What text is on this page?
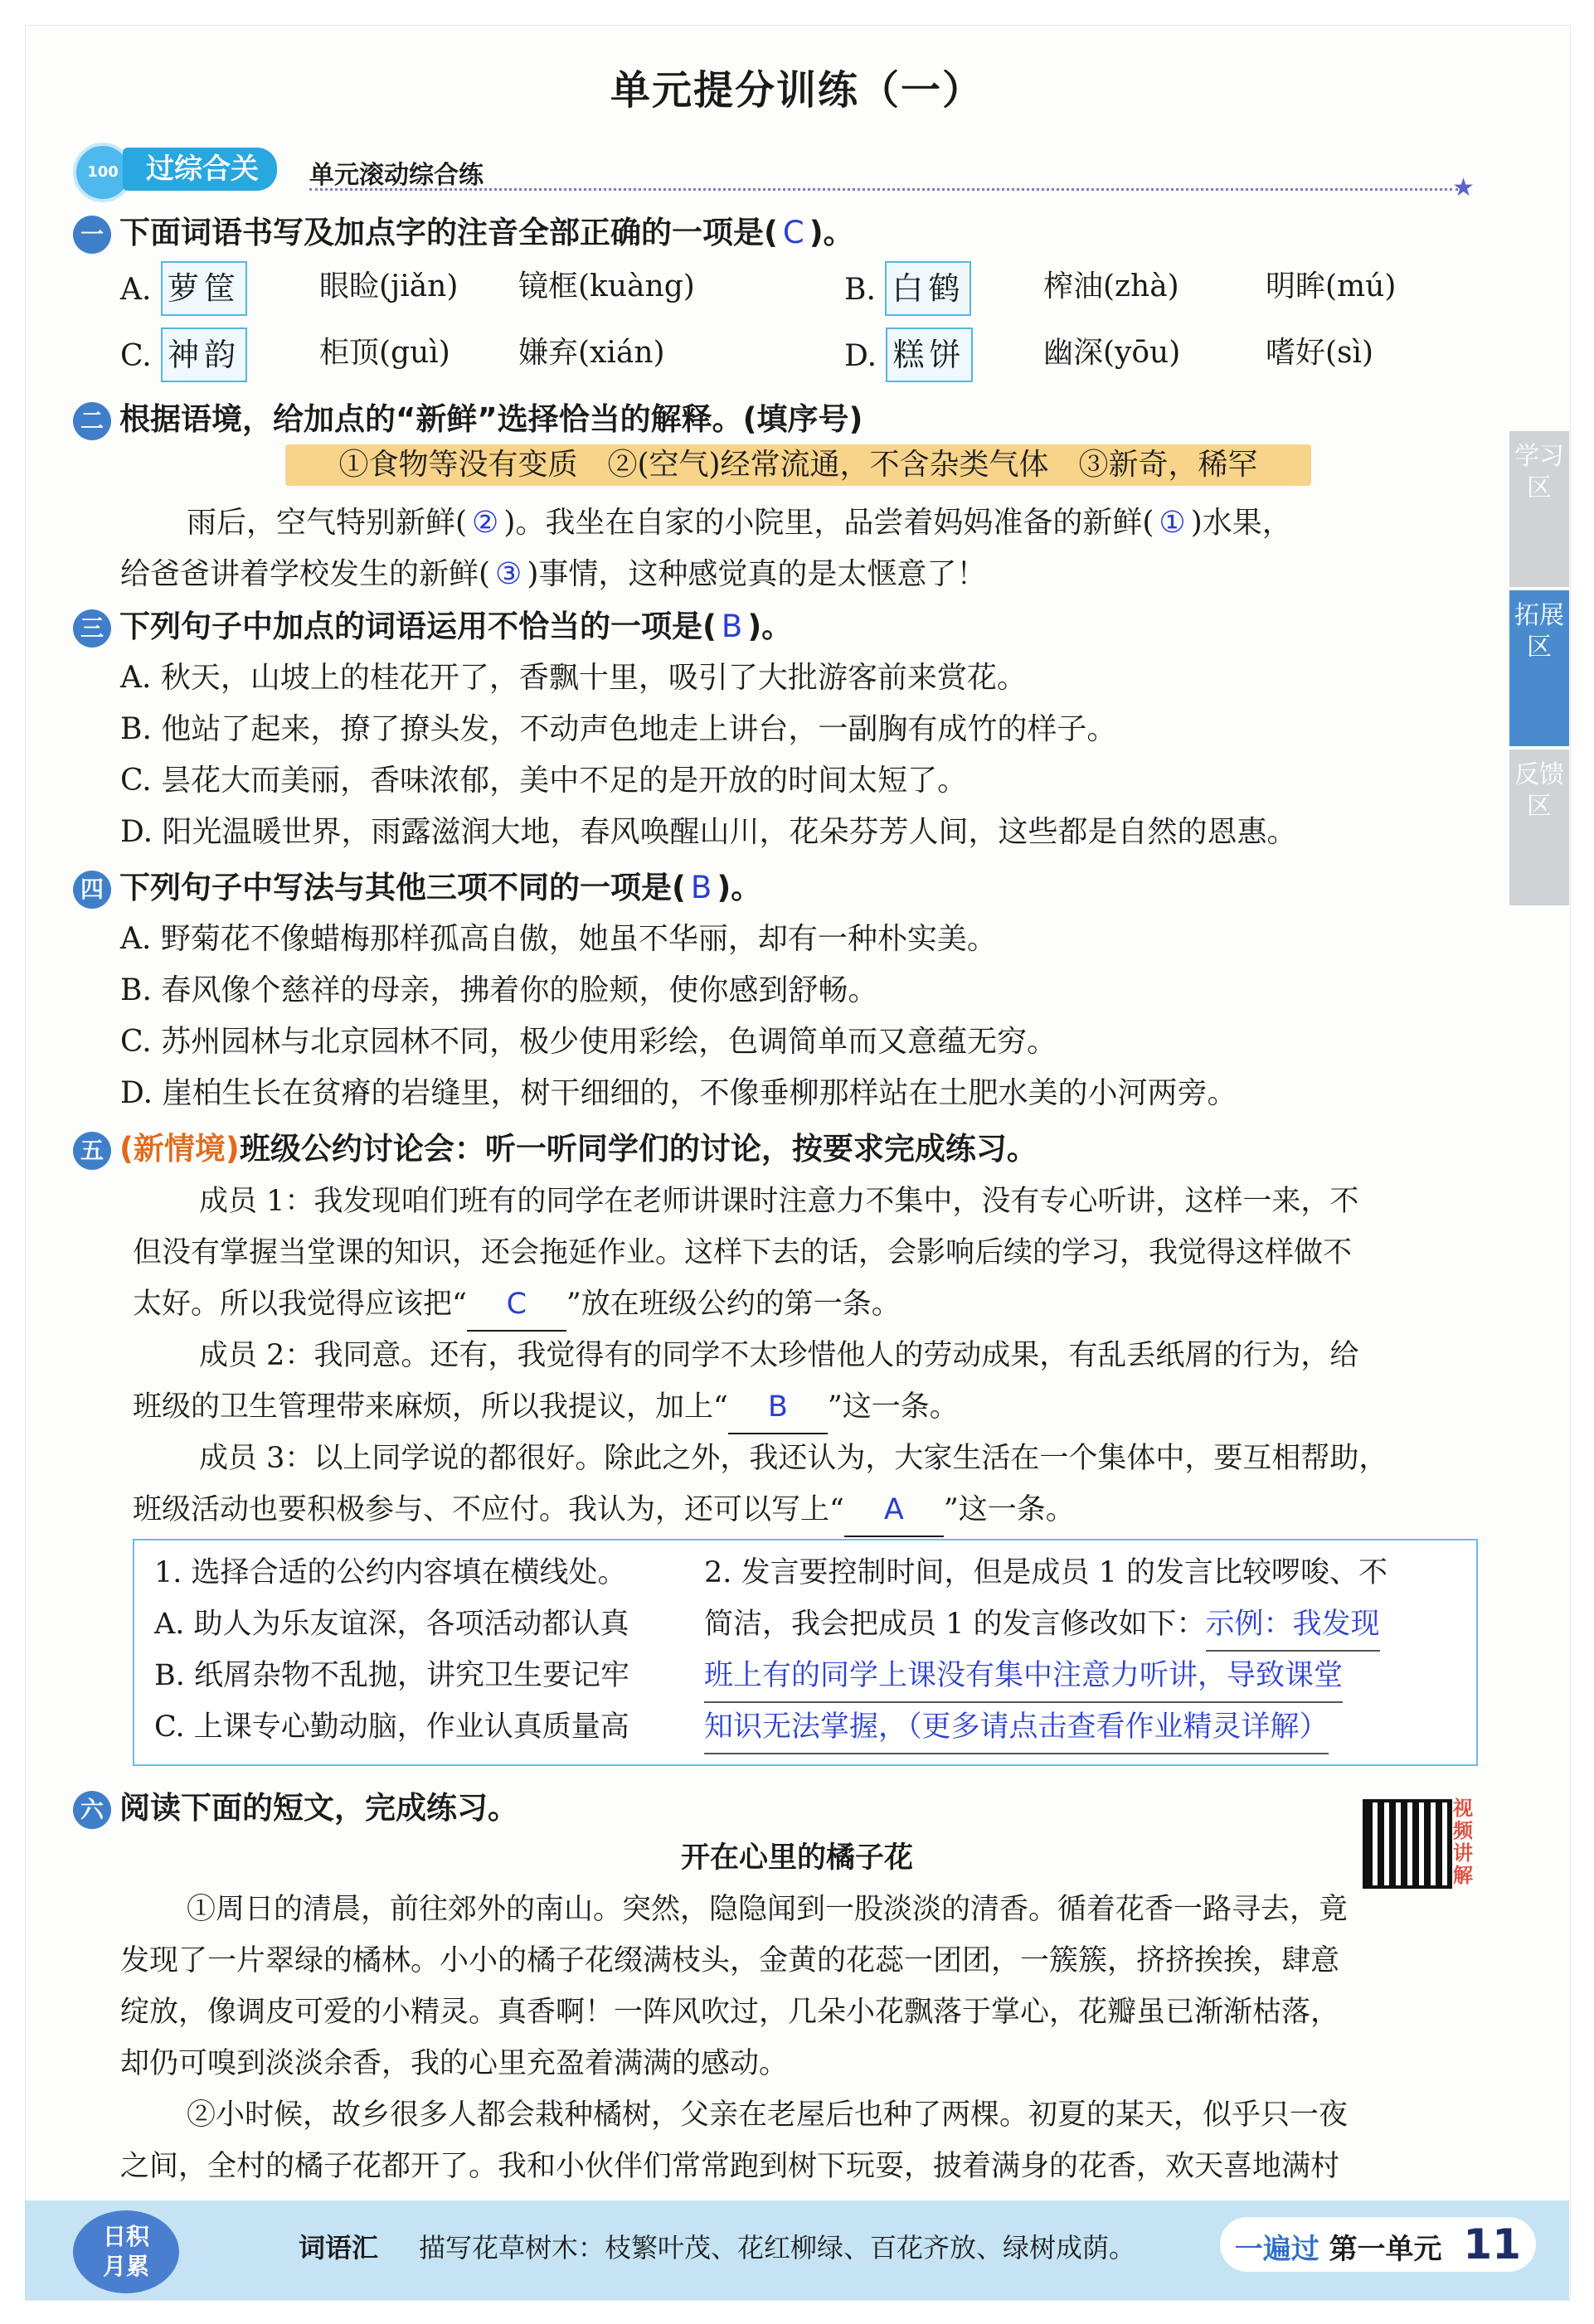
单元提分训练（一）
100 过综合关	单元滚动综合练	★
一 下面词语书写及加点字的注音全部正确的一项是( C )。
A. 萝筐	眼睑(jiǎn) 镜框(kuàng)	B. 白鹤	榨油(zhà)	明眸(mú)
C. 神韵	柜顶(guì) 嫌弃(xián)	D. 糕饼	幽深(yōu)	嗜好(sì)
二 根据语境，给加点的“新鲜”选择恰当的解释。(填序号)
①食物等没有变质　②(空气)经常流通，不含杂类气体　③新奇，稀罕
雨后，空气特别新鲜( ② )。我坐在自家的小院里，品尝着妈妈准备的新鲜( ① )水果，
给爸爸讲着学校发生的新鲜( ③ )事情，这种感觉真的是太惬意了！
三 下列句子中加点的词语运用不恰当的一项是( B )。
A. 秋天，山坡上的桂花开了，香飘十里，吸引了大批游客前来赏花。
B. 他站了起来，撩了撩头发，不动声色地走上讲台，一副胸有成竹的样子。
C. 昙花大而美丽，香味浓郁，美中不足的是开放的时间太短了。
D. 阳光温暖世界，雨露滋润大地，春风唤醒山川，花朵芬芳人间，这些都是自然的恩惠。
四 下列句子中写法与其他三项不同的一项是( B )。
A. 野菊花不像蜡梅那样孤高自傲，她虽不华丽，却有一种朴实美。
B. 春风像个慈祥的母亲，拂着你的脸颊，使你感到舒畅。
C. 苏州园林与北京园林不同，极少使用彩绘，色调简单而又意蕴无穷。
D. 崖柏生长在贫瘠的岩缝里，树干细细的，不像垂柳那样站在土肥水美的小河两旁。
五 (新情境)班级公约讨论会：听一听同学们的讨论，按要求完成练习。
成员 1：我发现咱们班有的同学在老师讲课时注意力不集中，没有专心听讲，这样一来，不
但没有掌握当堂课的知识，还会拖延作业。这样下去的话，会影响后续的学习，我觉得这样做不
太好。所以我觉得应该把“ C ”放在班级公约的第一条。
成员 2：我同意。还有，我觉得有的同学不太珍惜他人的劳动成果，有乱丢纸屑的行为，给
班级的卫生管理带来麻烦，所以我提议，加上“ B ”这一条。
成员 3：以上同学说的都很好。除此之外，我还认为，大家生活在一个集体中，要互相帮助，
班级活动也要积极参与、不应付。我认为，还可以写上“ A ”这一条。
1. 选择合适的公约内容填在横线处。
A. 助人为乐友谊深，各项活动都认真
B. 纸屑杂物不乱抛，讲究卫生要记牢
C. 上课专心勤动脑，作业认真质量高
2. 发言要控制时间，但是成员 1 的发言比较啰唆、不
简洁，我会把成员 1 的发言修改如下：示例：我发现
班上有的同学上课没有集中注意力听讲，导致课堂
知识无法掌握，（更多请点击查看作业精灵详解）
六 阅读下面的短文，完成练习。	视频讲解
开在心里的橘子花
①周日的清晨，前往郊外的南山。突然，隐隐闻到一股淡淡的清香。循着花香一路寻去，竟
发现了一片翠绿的橘林。小小的橘子花缀满枝头，金黄的花蕊一团团，一簇簇，挤挤挨挨，肆意
绽放，像调皮可爱的小精灵。真香啊！一阵风吹过，几朵小花飘落于掌心，花瓣虽已渐渐枯落，
却仍可嗅到淡淡余香，我的心里充盈着满满的感动。
②小时候，故乡很多人都会栽种橘树，父亲在老屋后也种了两棵。初夏的某天，似乎只一夜
之间，全村的橘子花都开了。我和小伙伴们常常跑到树下玩耍，披着满身的花香，欢天喜地满村
学习区
拓展区
反馈区
日积
月累
词语汇 描写花草树木：枝繁叶茂、花红柳绿、百花齐放、绿树成荫。	一遍过 第一单元 11
